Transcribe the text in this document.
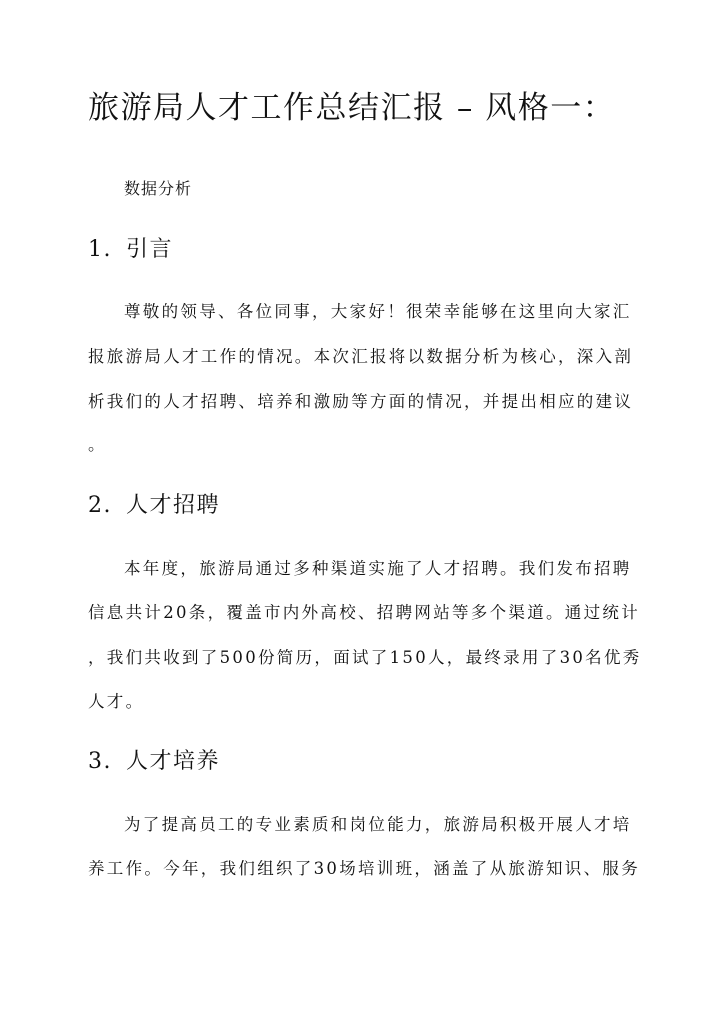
旅游局人才工作总结汇报 – 风格一：
数据分析
1. 引言
尊敬的领导、各位同事，大家好！很荣幸能够在这里向大家汇
报旅游局人才工作的情况。本次汇报将以数据分析为核心，深入剖
析我们的人才招聘、培养和激励等方面的情况，并提出相应的建议
。
2. 人才招聘
本年度，旅游局通过多种渠道实施了人才招聘。我们发布招聘
信息共计20条，覆盖市内外高校、招聘网站等多个渠道。通过统计
，我们共收到了500份简历，面试了150人，最终录用了30名优秀
人才。
3. 人才培养
为了提高员工的专业素质和岗位能力，旅游局积极开展人才培
养工作。今年，我们组织了30场培训班，涵盖了从旅游知识、服务
